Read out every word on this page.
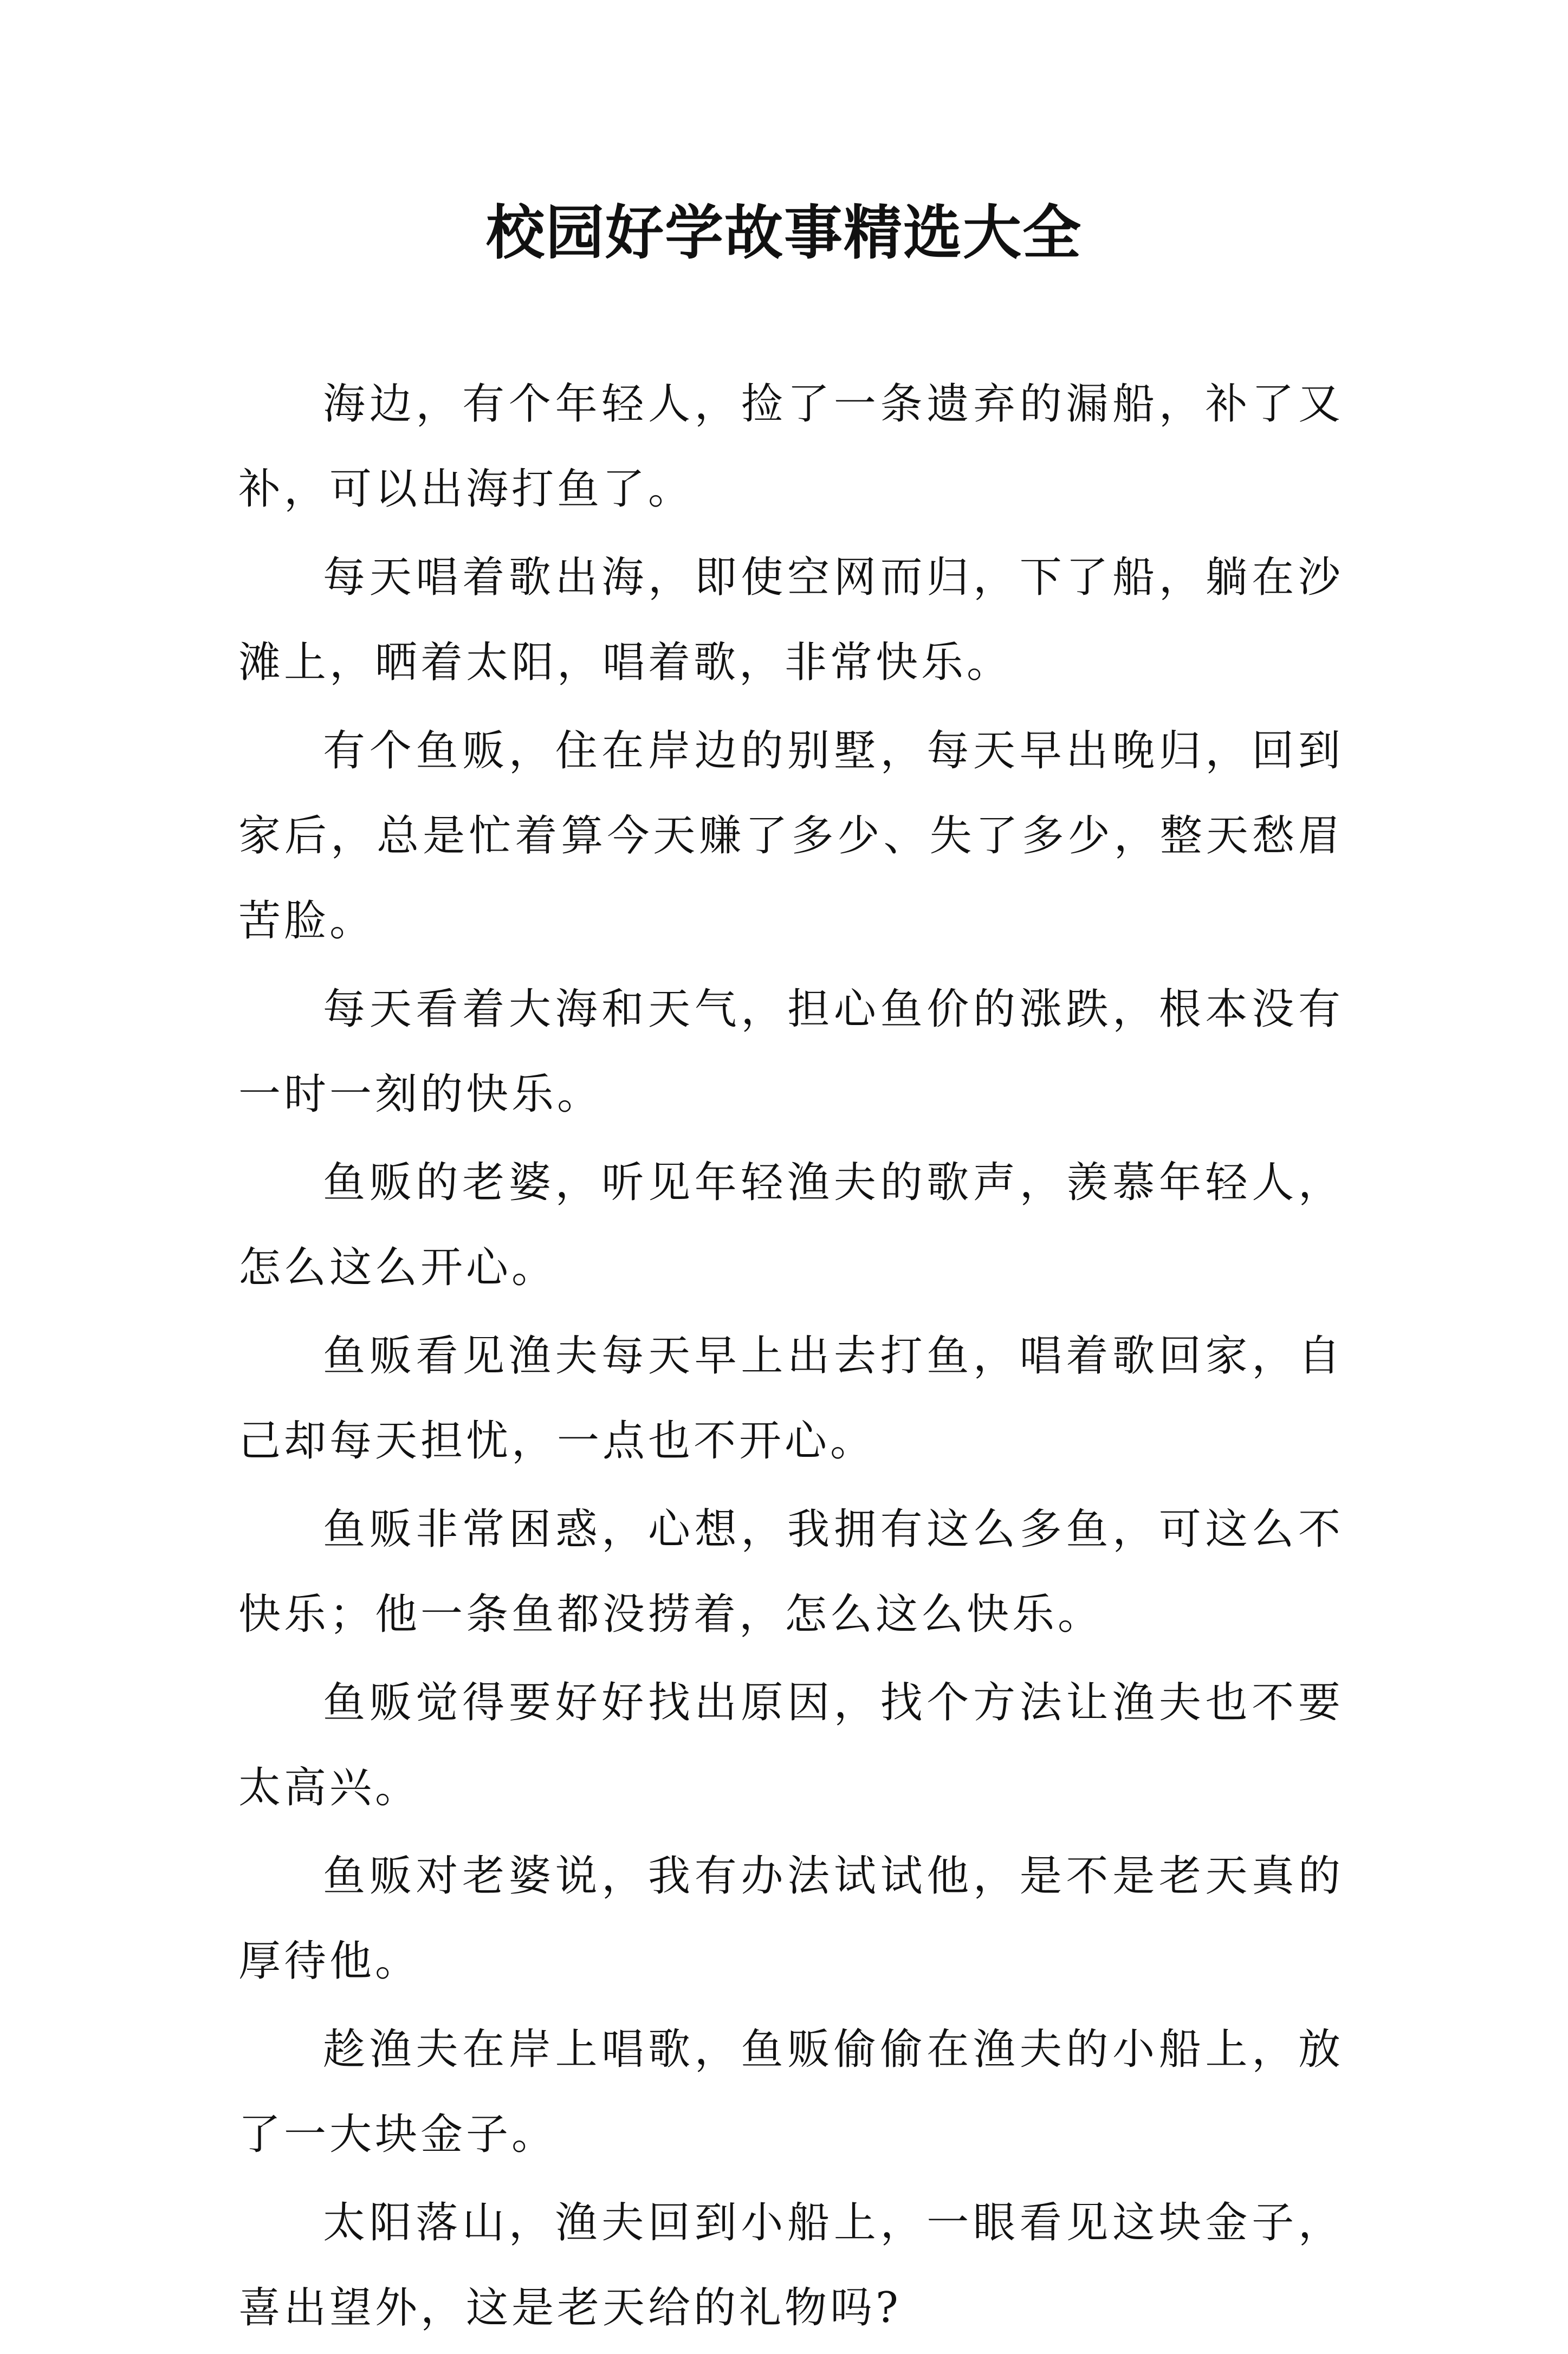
校园好学故事精选大全

海边，有个年轻人，捡了一条遗弃的漏船，补了又补，可以出海打鱼了。

每天唱着歌出海，即使空网而归，下了船，躺在沙滩上，晒着太阳，唱着歌，非常快乐。

有个鱼贩，住在岸边的别墅，每天早出晚归，回到家后，总是忙着算今天赚了多少、失了多少，整天愁眉苦脸。

每天看着大海和天气，担心鱼价的涨跌，根本没有一时一刻的快乐。

鱼贩的老婆，听见年轻渔夫的歌声，羡慕年轻人，怎么这么开心。

鱼贩看见渔夫每天早上出去打鱼，唱着歌回家，自己却每天担忧，一点也不开心。

鱼贩非常困惑，心想，我拥有这么多鱼，可这么不快乐；他一条鱼都没捞着，怎么这么快乐。

鱼贩觉得要好好找出原因，找个方法让渔夫也不要太高兴。

鱼贩对老婆说，我有办法试试他，是不是老天真的厚待他。

趁渔夫在岸上唱歌，鱼贩偷偷在渔夫的小船上，放了一大块金子。

太阳落山，渔夫回到小船上，一眼看见这块金子，喜出望外，这是老天给的礼物吗?
